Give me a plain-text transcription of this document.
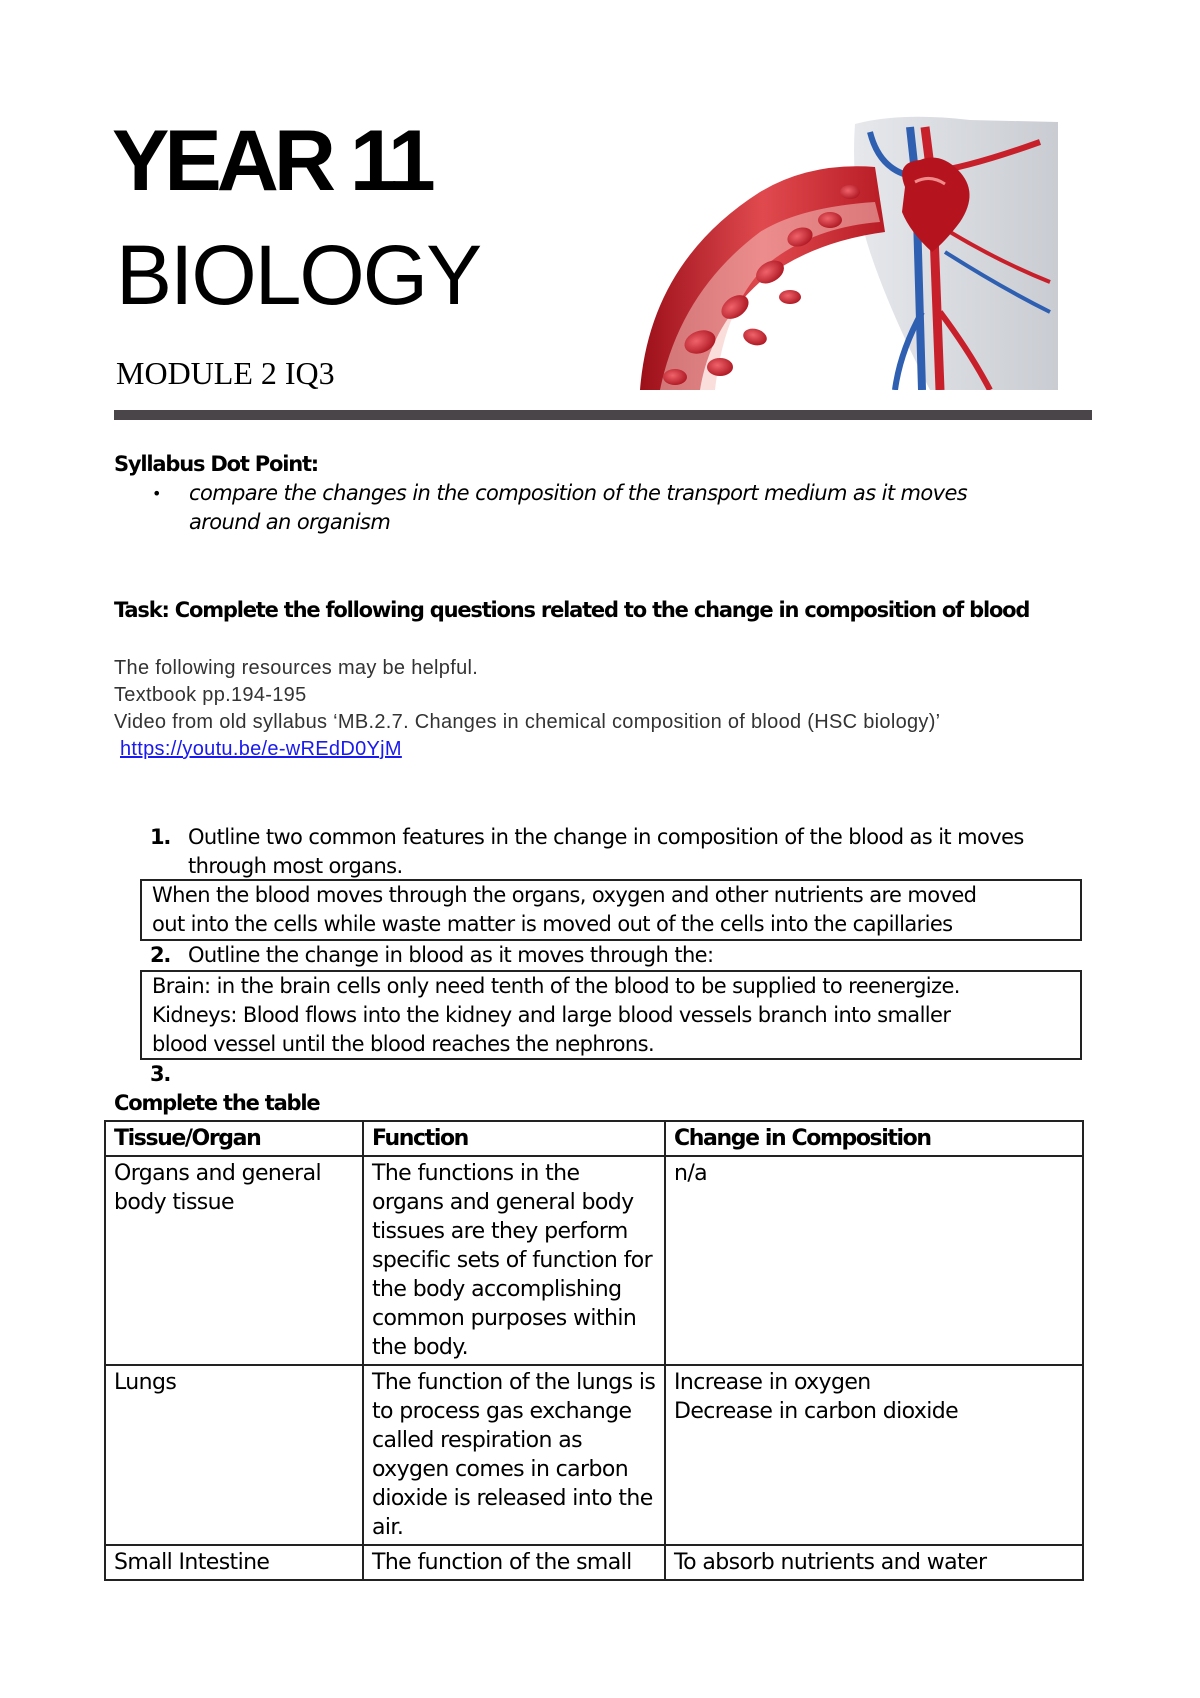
YEAR 11
BIOLOGY
MODULE 2 IQ3
Syllabus Dot Point:
• compare the changes in the composition of the transport medium as it moves
around an organism
Task: Complete the following questions related to the change in composition of blood
The following resources may be helpful.
Textbook pp.194-195
Video from old syllabus ‘MB.2.7. Changes in chemical composition of blood (HSC biology)’
https://youtu.be/e-wREdD0YjM
1. Outline two common features in the change in composition of the blood as it moves
through most organs.
When the blood moves through the organs, oxygen and other nutrients are moved
out into the cells while waste matter is moved out of the cells into the capillaries
2. Outline the change in blood as it moves through the:
Brain: in the brain cells only need tenth of the blood to be supplied to reenergize.
Kidneys: Blood flows into the kidney and large blood vessels branch into smaller
blood vessel until the blood reaches the nephrons.
3.
Complete the table
Tissue/Organ	Function	Change in Composition
Organs and general body tissue	The functions in the organs and general body tissues are they perform specific sets of function for the body accomplishing common purposes within the body.	n/a

Lungs	The function of the lungs is to process gas exchange called respiration as oxygen comes in carbon dioxide is released into the air.	Increase in oxygen
Decrease in carbon dioxide

Small Intestine	The function of the small	To absorb nutrients and water
